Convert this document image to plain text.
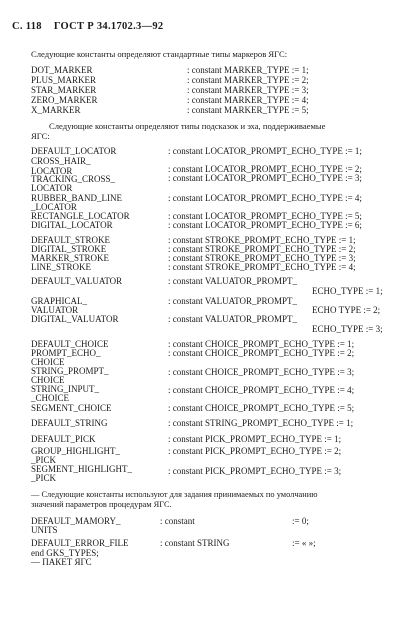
С. 118 ГОСТ Р 34.1702.3—92
Следующие константы определяют стандартные типы маркеров ЯГС:
DOT_MARKER	: constant MARKER_TYPE := 1;
PLUS_MARKER	: constant MARKER_TYPE := 2;
STAR_MARKER	: constant MARKER_TYPE := 3;
ZERO_MARKER	: constant MARKER_TYPE := 4;
X_MARKER	: constant MARKER_TYPE := 5;
Следующие константы определяют типы подсказок и эха, поддерживаемые
ЯГС:
DEFAULT_LOCATOR	: constant LOCATOR_PROMPT_ECHO_TYPE := 1;
CROSS_HAIR_
LOCATOR	: constant LOCATOR_PROMPT_ECHO_TYPE := 2;
TRACKING_CROSS_	: constant LOCATOR_PROMPT_ECHO_TYPE := 3;
LOCATOR
RUBBER_BAND_LINE	: constant LOCATOR_PROMPT_ECHO_TYPE := 4;
_LOCATOR
RECTANGLE_LOCATOR	: constant LOCATOR_PROMPT_ECHO_TYPE := 5;
DIGITAL_LOCATOR	: constant LOCATOR_PROMPT_ECHO_TYPE := 6;
DEFAULT_STROKE	: constant STROKE_PROMPT_ECHO_TYPE := 1;
DIGITAL_STROKE	: constant STROKE_PROMPT_ECHO_TYPE := 2;
MARKER_STROKE	: constant STROKE_PROMPT_ECHO_TYPE := 3;
LINE_STROKE	: constant STROKE_PROMPT_ECHO_TYPE := 4;
DEFAULT_VALUATOR	: constant VALUATOR_PROMPT_
ECHO_TYPE := 1;
GRAPHICAL_	: constant VALUATOR_PROMPT_
VALUATOR	ECHO TYPE := 2;
DIGITAL_VALUATOR	: constant VALUATOR_PROMPT_
ECHO_TYPE := 3;
DEFAULT_CHOICE	: constant CHOICE_PROMPT_ECHO_TYPE := 1;
PROMPT_ECHO_	: constant CHOICE_PROMPT_ECHO_TYPE := 2;
CHOICE
STRING_PROMPT_	: constant CHOICE_PROMPT_ECHO_TYPE := 3;
CHOICE
STRING_INPUT_	: constant CHOICE_PROMPT_ECHO_TYPE := 4;
_CHOICE
SEGMENT_CHOICE	: constant CHOICE_PROMPT_ECHO_TYPE := 5;
DEFAULT_STRING	: constant STRING_PROMPT_ECHO_TYPE := 1;
DEFAULT_PICK	: constant PICK_PROMPT_ECHO_TYPE := 1;
GROUP_HIGHLIGHT_	: constant PICK_PROMPT_ECHO_TYPE := 2;
_PICK
SEGMENT_HIGHLIGHT_	: constant PICK_PROMPT_ECHO_TYPE := 3;
_PICK
— Следующие константы используют для задания принимаемых по умолчанию
значений параметров процедурам ЯГС.
DEFAULT_MAMORY_	: constant	:= 0;
UNITS
DEFAULT_ERROR_FILE	: constant STRING	:= « »;
end GKS_TYPES;
— ПАКЕТ ЯГС
